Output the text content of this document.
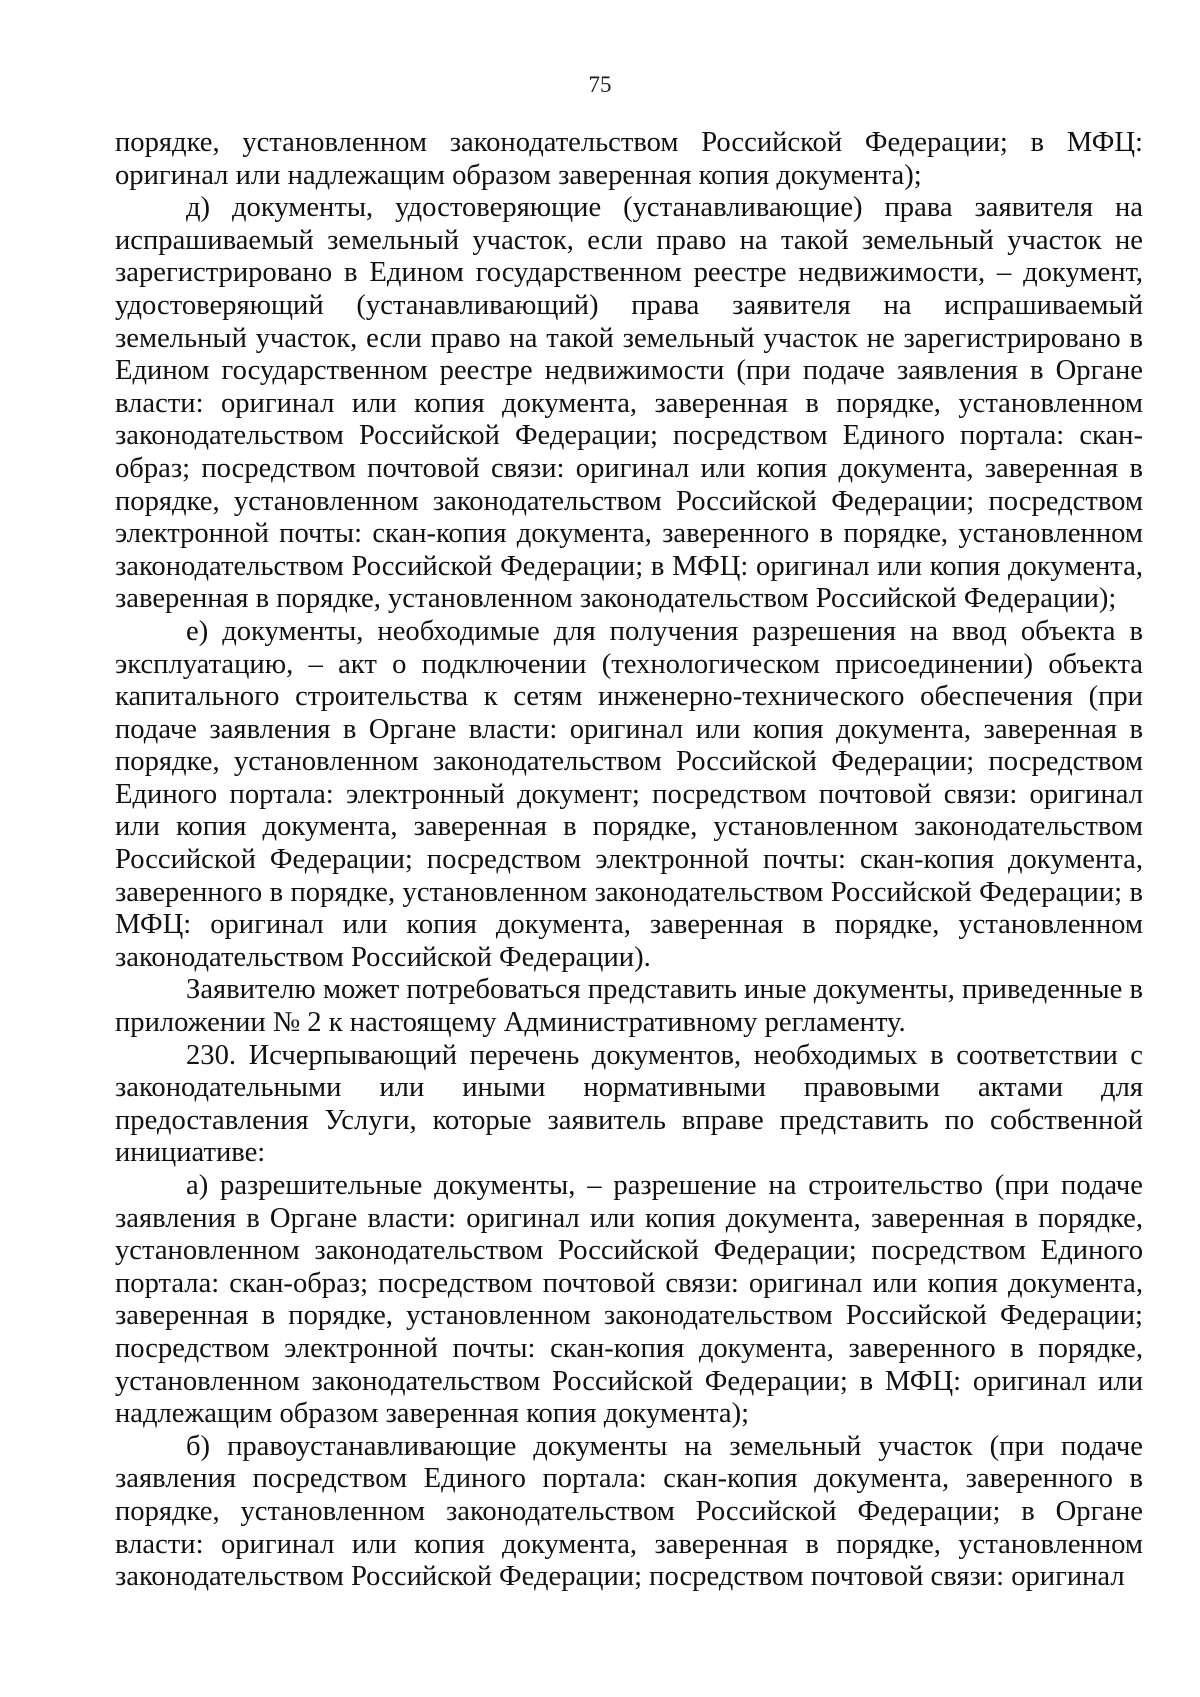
75

порядке, установленном законодательством Российской Федерации; в МФЦ: оригинал или надлежащим образом заверенная копия документа);

д) документы, удостоверяющие (устанавливающие) права заявителя на испрашиваемый земельный участок, если право на такой земельный участок не зарегистрировано в Едином государственном реестре недвижимости, – документ, удостоверяющий (устанавливающий) права заявителя на испрашиваемый земельный участок, если право на такой земельный участок не зарегистрировано в Едином государственном реестре недвижимости (при подаче заявления в Органе власти: оригинал или копия документа, заверенная в порядке, установленном законодательством Российской Федерации; посредством Единого портала: скан-образ; посредством почтовой связи: оригинал или копия документа, заверенная в порядке, установленном законодательством Российской Федерации; посредством электронной почты: скан-копия документа, заверенного в порядке, установленном законодательством Российской Федерации; в МФЦ: оригинал или копия документа, заверенная в порядке, установленном законодательством Российской Федерации);

е) документы, необходимые для получения разрешения на ввод объекта в эксплуатацию, – акт о подключении (технологическом присоединении) объекта капитального строительства к сетям инженерно-технического обеспечения (при подаче заявления в Органе власти: оригинал или копия документа, заверенная в порядке, установленном законодательством Российской Федерации; посредством Единого портала: электронный документ; посредством почтовой связи: оригинал или копия документа, заверенная в порядке, установленном законодательством Российской Федерации; посредством электронной почты: скан-копия документа, заверенного в порядке, установленном законодательством Российской Федерации; в МФЦ: оригинал или копия документа, заверенная в порядке, установленном законодательством Российской Федерации).

Заявителю может потребоваться представить иные документы, приведенные в приложении № 2 к настоящему Административному регламенту.

230. Исчерпывающий перечень документов, необходимых в соответствии с законодательными или иными нормативными правовыми актами для предоставления Услуги, которые заявитель вправе представить по собственной инициативе:

а) разрешительные документы, – разрешение на строительство (при подаче заявления в Органе власти: оригинал или копия документа, заверенная в порядке, установленном законодательством Российской Федерации; посредством Единого портала: скан-образ; посредством почтовой связи: оригинал или копия документа, заверенная в порядке, установленном законодательством Российской Федерации; посредством электронной почты: скан-копия документа, заверенного в порядке, установленном законодательством Российской Федерации; в МФЦ: оригинал или надлежащим образом заверенная копия документа);

б) правоустанавливающие документы на земельный участок (при подаче заявления посредством Единого портала: скан-копия документа, заверенного в порядке, установленном законодательством Российской Федерации; в Органе власти: оригинал или копия документа, заверенная в порядке, установленном законодательством Российской Федерации; посредством почтовой связи: оригинал
